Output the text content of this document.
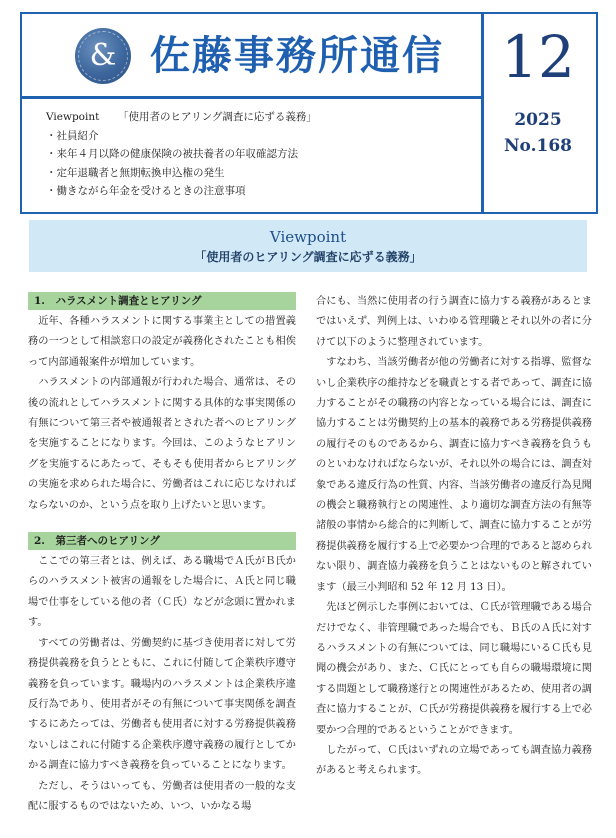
& 佐藤事務所通信 12
2025
No.168
Viewpoint 「使用者のヒアリング調査に応ずる義務」
・社員紹介
・来年４月以降の健康保険の被扶養者の年収確認方法
・定年退職者と無期転換申込権の発生
・働きながら年金を受けるときの注意事項
Viewpoint
「使用者のヒアリング調査に応ずる義務」
1.　ハラスメント調査とヒアリング

近年、各種ハラスメントに関する事業主としての措置義務の一つとして相談窓口の設定が義務化されたことも相俟って内部通報案件が増加しています。

ハラスメントの内部通報が行われた場合、通常は、その後の流れとしてハラスメントに関する具体的な事実関係の有無について第三者や被通報者とされた者へのヒアリングを実施することになります。今回は、このようなヒアリングを実施するにあたって、そもそも使用者からヒアリングの実施を求められた場合に、労働者はこれに応じなければならないのか、という点を取り上げたいと思います。

2.　第三者へのヒアリング

ここでの第三者とは、例えば、ある職場でＡ氏がＢ氏からのハラスメント被害の通報をした場合に、Ａ氏と同じ職場で仕事をしている他の者（Ｃ氏）などが念頭に置かれます。

すべての労働者は、労働契約に基づき使用者に対して労務提供義務を負うとともに、これに付随して企業秩序遵守義務を負っています。職場内のハラスメントは企業秩序違反行為であり、使用者がその有無について事実関係を調査するにあたっては、労働者も使用者に対する労務提供義務ないしはこれに付随する企業秩序遵守義務の履行としてかかる調査に協力すべき義務を負っていることになります。

ただし、そうはいっても、労働者は使用者の一般的な支配に服するものではないため、いつ、いかなる場

合にも、当然に使用者の行う調査に協力する義務があるとまではいえず、判例上は、いわゆる管理職とそれ以外の者に分けて以下のように整理されています。

すなわち、当該労働者が他の労働者に対する指導、監督ないし企業秩序の維持などを職責とする者であって、調査に協力することがその職務の内容となっている場合には、調査に協力することは労働契約上の基本的義務である労務提供義務の履行そのものであるから、調査に協力すべき義務を負うものといわなければならないが、それ以外の場合には、調査対象である違反行為の性質、内容、当該労働者の違反行為見聞の機会と職務執行との関連性、より適切な調査方法の有無等諸般の事情から総合的に判断して、調査に協力することが労務提供義務を履行する上で必要かつ合理的であると認められない限り、調査協力義務を負うことはないものと解されています（最三小判昭和 52 年 12 月 13 日）。

先ほど例示した事例においては、Ｃ氏が管理職である場合だけでなく、非管理職であった場合でも、Ｂ氏のＡ氏に対するハラスメントの有無については、同じ職場にいるＣ氏も見聞の機会があり、また、Ｃ氏にとっても自らの職場環境に関する問題として職務遂行との関連性があるため、使用者の調査に協力することが、Ｃ氏が労務提供義務を履行する上で必要かつ合理的であるということができます。

したがって、Ｃ氏はいずれの立場であっても調査協力義務があると考えられます。
